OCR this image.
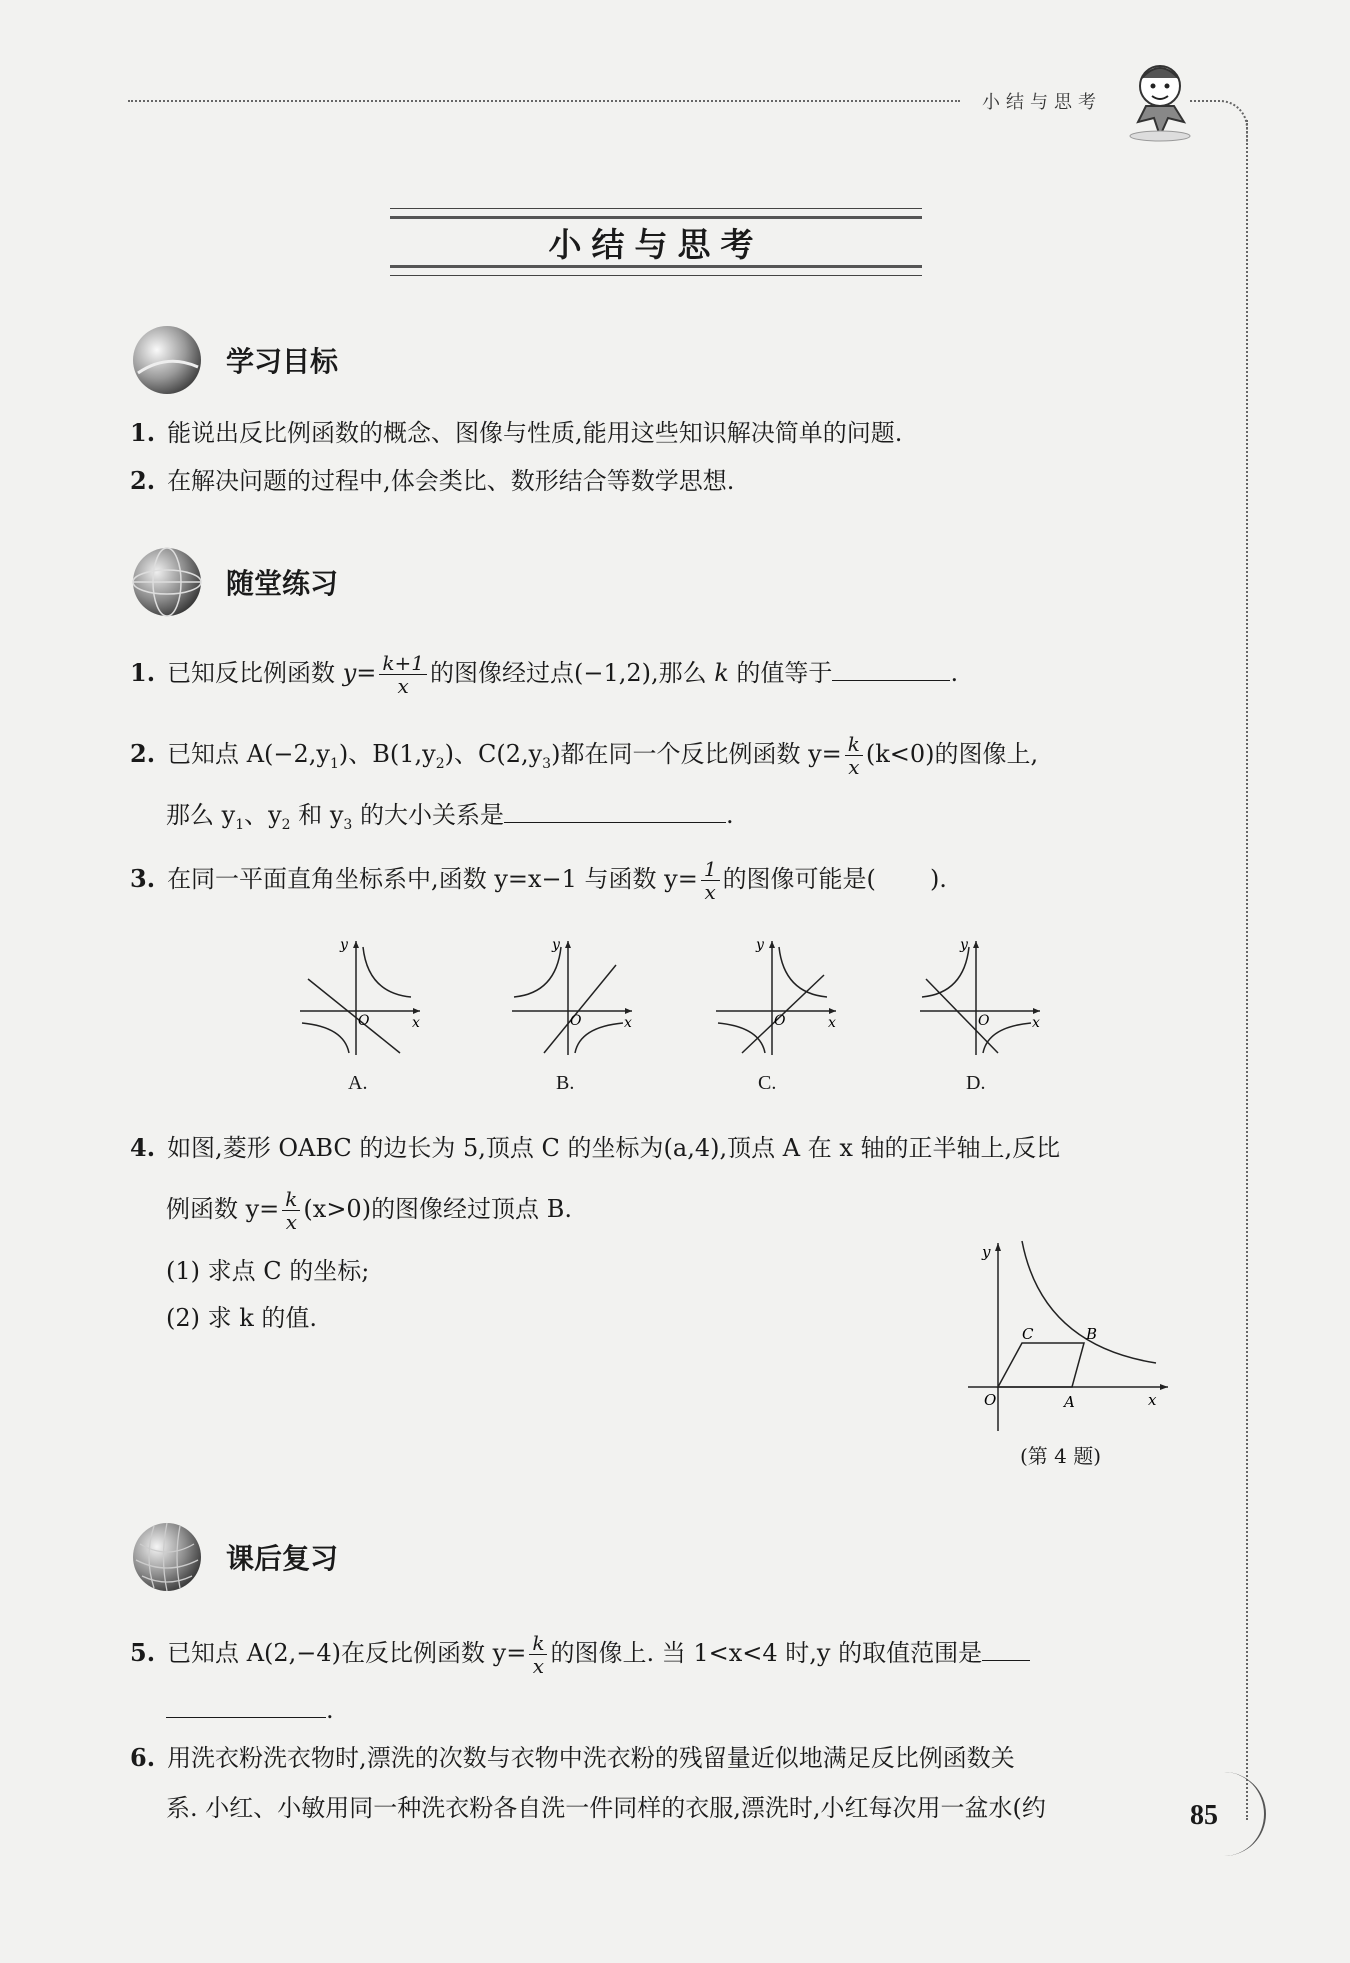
小结与思考
小结与思考
学习目标
1. 能说出反比例函数的概念、图像与性质,能用这些知识解决简单的问题.
2. 在解决问题的过程中,体会类比、数形结合等数学思想.
随堂练习
1. 已知反比例函数 $y= \frac{k+1}{x}$ 的图像经过点(−1,2),那么 k 的值等于	.
2. 已知点 $A(-2,y_1)$、$B(1,y_2)$、$C(2,y_3)$都在同一个反比例函数 $y= \frac{k}{x} (k<0)$的图像上,
那么 $y_1$、$y_2$ 和 $y_3$ 的大小关系是	.
3. 在同一平面直角坐标系中,函数 y=x−1 与函数 $y= \frac{1}{x}$ 的图像可能是( ).
y
x
O
y
x
O
y
x
O
y
x
O
A.	B.	C.	D.
4. 如图,菱形 OABC 的边长为 5,顶点 C 的坐标为(a,4),顶点 A 在 x 轴的正半轴上,反比
例函数 $y= \frac{k}{x} (x>0)$的图像经过顶点 B.
(1) 求点 C 的坐标;
(2) 求 k 的值.
y
x
O	A
B
C
(第 4 题)
课后复习
5. 已知点 A(2,−4)在反比例函数 $y= \frac{k}{x}$ 的图像上. 当 1<x<4 时,y 的取值范围是
.
6. 用洗衣粉洗衣物时,漂洗的次数与衣物中洗衣粉的残留量近似地满足反比例函数关
系. 小红、小敏用同一种洗衣粉各自洗一件同样的衣服,漂洗时,小红每次用一盆水(约	85
